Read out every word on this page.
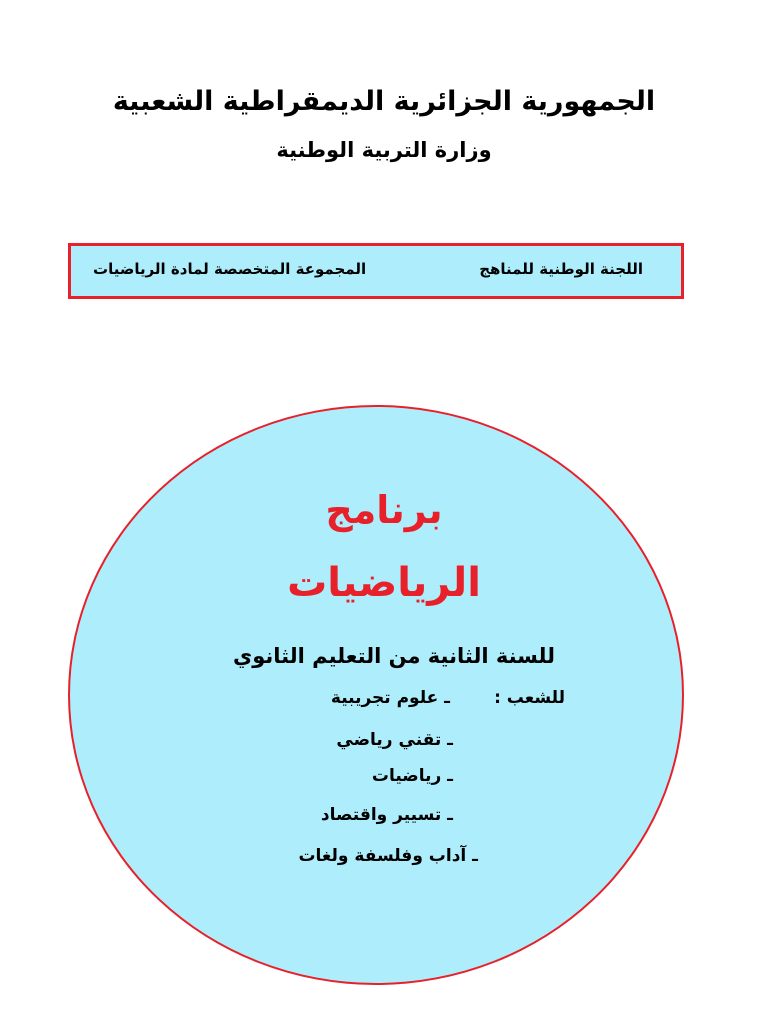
الجمهورية الجزائرية الديمقراطية الشعبية
وزارة التربية الوطنية
اللجنة الوطنية للمناهج
المجموعة المتخصصة لمادة الرياضيات
برنامج
الرياضيات
للسنة الثانية من التعليم الثانوي
للشعب :
ـ علوم تجريبية
ـ تقني رياضي
ـ رياضيات
ـ تسيير واقتصاد
ـ آداب وفلسفة ولغات
